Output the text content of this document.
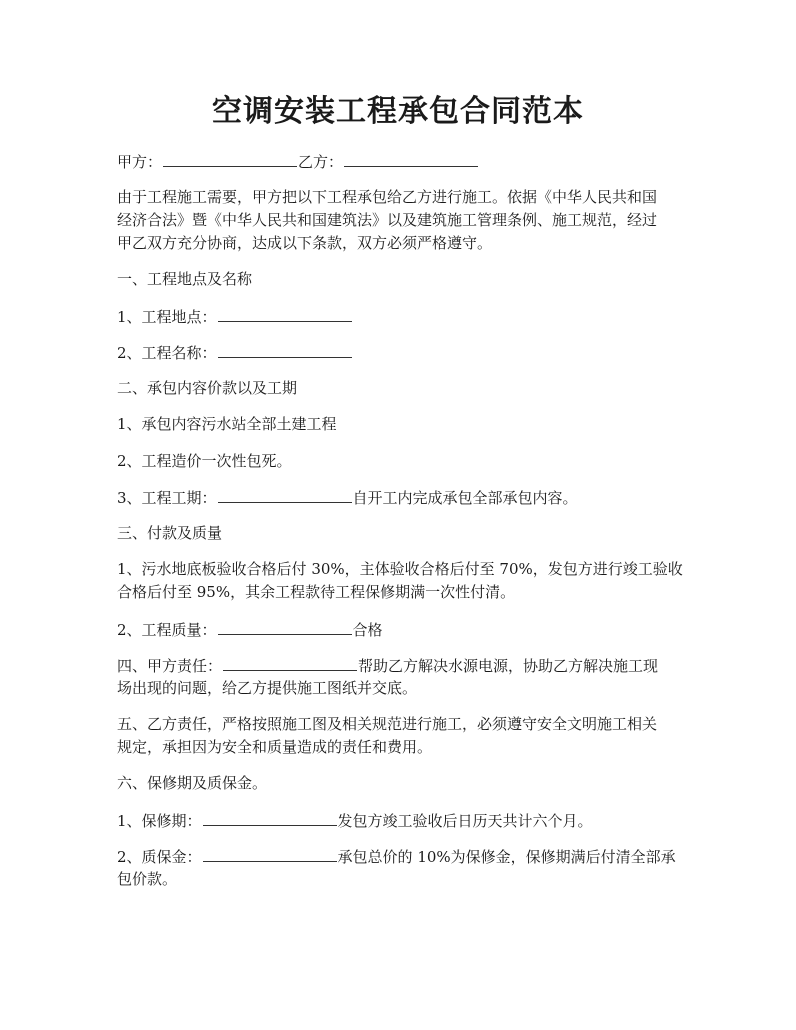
空调安装工程承包合同范本
甲方：	乙方：
由于工程施工需要，甲方把以下工程承包给乙方进行施工。依据《中华人民共和国
经济合法》暨《中华人民共和国建筑法》以及建筑施工管理条例、施工规范，经过
甲乙双方充分协商，达成以下条款，双方必须严格遵守。
一、工程地点及名称
1、工程地点：
2、工程名称：
二、承包内容价款以及工期
1、承包内容污水站全部土建工程
2、工程造价一次性包死。
3、工程工期：	自开工内完成承包全部承包内容。
三、付款及质量
1、污水地底板验收合格后付 30%，主体验收合格后付至 70%，发包方进行竣工验收
合格后付至 95%，其余工程款待工程保修期满一次性付清。
2、工程质量：	合格
四、甲方责任：	帮助乙方解决水源电源，协助乙方解决施工现
场出现的问题，给乙方提供施工图纸并交底。
五、乙方责任，严格按照施工图及相关规范进行施工，必须遵守安全文明施工相关
规定，承担因为安全和质量造成的责任和费用。
六、保修期及质保金。
1、保修期：	发包方竣工验收后日历天共计六个月。
2、质保金：	承包总价的 10%为保修金，保修期满后付清全部承
包价款。
